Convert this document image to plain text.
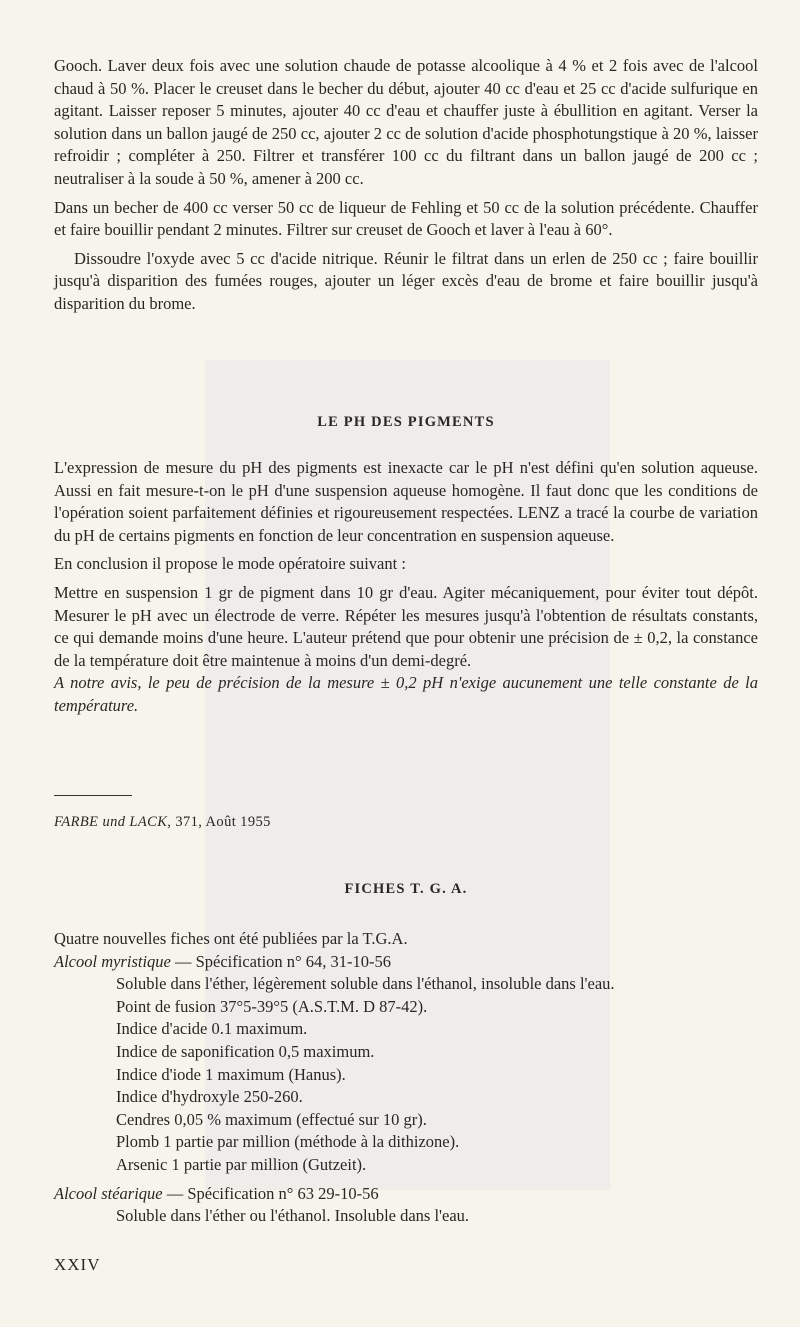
Gooch. Laver deux fois avec une solution chaude de potasse alcoolique à 4 % et 2 fois avec de l'alcool chaud à 50 %. Placer le creuset dans le becher du début, ajouter 40 cc d'eau et 25 cc d'acide sulfurique en agitant. Laisser reposer 5 minutes, ajouter 40 cc d'eau et chauffer juste à ébullition en agitant. Verser la solution dans un ballon jaugé de 250 cc, ajouter 2 cc de solution d'acide phosphotungstique à 20 %, laisser refroidir ; compléter à 250. Filtrer et transférer 100 cc du filtrant dans un ballon jaugé de 200 cc ; neutraliser à la soude à 50 %, amener à 200 cc.

Dans un becher de 400 cc verser 50 cc de liqueur de Fehling et 50 cc de la solution précédente. Chauffer et faire bouillir pendant 2 minutes. Filtrer sur creuset de Gooch et laver à l'eau à 60°.

Dissoudre l'oxyde avec 5 cc d'acide nitrique. Réunir le filtrat dans un erlen de 250 cc ; faire bouillir jusqu'à disparition des fumées rouges, ajouter un léger excès d'eau de brome et faire bouillir jusqu'à disparition du brome.

LE PH DES PIGMENTS

L'expression de mesure du pH des pigments est inexacte car le pH n'est défini qu'en solution aqueuse. Aussi en fait mesure-t-on le pH d'une suspension aqueuse homogène. Il faut donc que les conditions de l'opération soient parfaitement définies et rigoureusement respectées. LENZ a tracé la courbe de variation du pH de certains pigments en fonction de leur concentration en suspension aqueuse.

En conclusion il propose le mode opératoire suivant :

Mettre en suspension 1 gr de pigment dans 10 gr d'eau. Agiter mécaniquement, pour éviter tout dépôt. Mesurer le pH avec un électrode de verre. Répéter les mesures jusqu'à l'obtention de résultats constants, ce qui demande moins d'une heure. L'auteur prétend que pour obtenir une précision de ± 0,2, la constance de la température doit être maintenue à moins d'un demi-degré.

A notre avis, le peu de précision de la mesure ± 0,2 pH n'exige aucunement une telle constante de la température.

FARBE und LACK, 371, Août 1955
FICHES T. G. A.

Quatre nouvelles fiches ont été publiées par la T.G.A.

Alcool myristique — Spécification n° 64, 31-10-56

Soluble dans l'éther, légèrement soluble dans l'éthanol, insoluble dans l'eau.
Point de fusion 37°5-39°5 (A.S.T.M. D 87-42).
Indice d'acide 0.1 maximum.
Indice de saponification 0,5 maximum.
Indice d'iode 1 maximum (Hanus).
Indice d'hydroxyle 250-260.
Cendres 0,05 % maximum (effectué sur 10 gr).
Plomb 1 partie par million (méthode à la dithizone).
Arsenic 1 partie par million (Gutzeit).

Alcool stéarique — Spécification n° 63 29-10-56

Soluble dans l'éther ou l'éthanol. Insoluble dans l'eau.
XXIV
